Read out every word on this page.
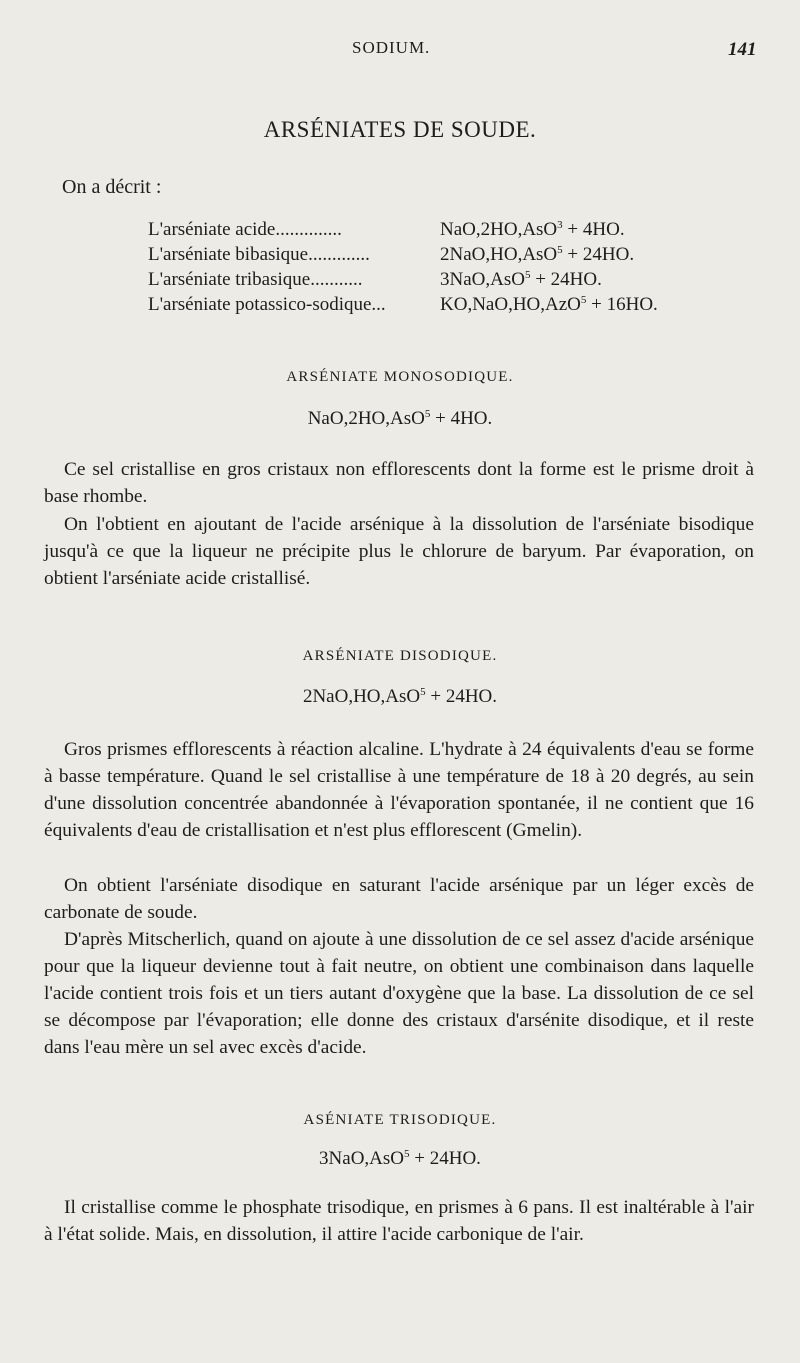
SODIUM.	141
ARSÉNIATES DE SOUDE.
On a décrit :
L'arséniate acide..............	NaO,2HO,AsO$^3$ + 4HO.
L'arséniate bibasique.............	2NaO,HO,AsO$^5$ + 24HO.
L'arséniate tribasique...........	3NaO,AsO$^5$ + 24HO.
L'arséniate potassico-sodique...	KO,NaO,HO,AzO$^5$ + 16HO.
ARSÉNIATE MONOSODIQUE.
NaO,2HO,AsO$^5$ + 4HO.
Ce sel cristallise en gros cristaux non efflorescents dont la forme est le prisme droit à base rhombe.
On l'obtient en ajoutant de l'acide arsénique à la dissolution de l'arséniate bisodique jusqu'à ce que la liqueur ne précipite plus le chlorure de baryum. Par évaporation, on obtient l'arséniate acide cristallisé.
ARSÉNIATE DISODIQUE.
2NaO,HO,AsO$^5$ + 24HO.
Gros prismes efflorescents à réaction alcaline. L'hydrate à 24 équivalents d'eau se forme à basse température. Quand le sel cristallise à une température de 18 à 20 degrés, au sein d'une dissolution concentrée abandonnée à l'évaporation spontanée, il ne contient que 16 équivalents d'eau de cristallisation et n'est plus efflorescent (Gmelin).
On obtient l'arséniate disodique en saturant l'acide arsénique par un léger excès de carbonate de soude.
D'après Mitscherlich, quand on ajoute à une dissolution de ce sel assez d'acide arsénique pour que la liqueur devienne tout à fait neutre, on obtient une combinaison dans laquelle l'acide contient trois fois et un tiers autant d'oxygène que la base. La dissolution de ce sel se décompose par l'évaporation; elle donne des cristaux d'arsénite disodique, et il reste dans l'eau mère un sel avec excès d'acide.
ASÉNIATE TRISODIQUE.
3NaO,AsO$^5$ + 24HO.
Il cristallise comme le phosphate trisodique, en prismes à 6 pans. Il est inaltérable à l'air à l'état solide. Mais, en dissolution, il attire l'acide carbonique de l'air.
